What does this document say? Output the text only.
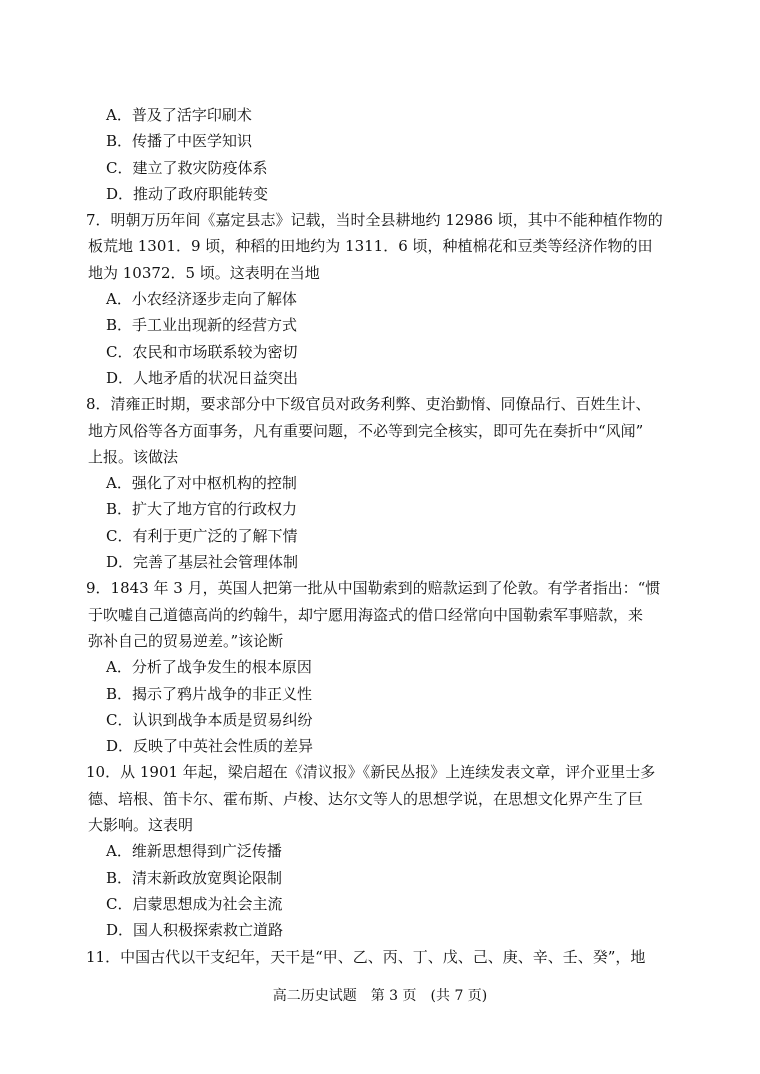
A．普及了活字印刷术
B．传播了中医学知识
C．建立了救灾防疫体系
D．推动了政府职能转变
7．明朝万历年间《嘉定县志》记载，当时全县耕地约 12986 顷，其中不能种植作物的
板荒地 1301．9 顷，种稻的田地约为 1311．6 顷，种植棉花和豆类等经济作物的田
地为 10372．5 顷。这表明在当地
A．小农经济逐步走向了解体
B．手工业出现新的经营方式
C．农民和市场联系较为密切
D．人地矛盾的状况日益突出
8．清雍正时期，要求部分中下级官员对政务利弊、吏治勤惰、同僚品行、百姓生计、
地方风俗等各方面事务，凡有重要问题，不必等到完全核实，即可先在奏折中“风闻”
上报。该做法
A．强化了对中枢机构的控制
B．扩大了地方官的行政权力
C．有利于更广泛的了解下情
D．完善了基层社会管理体制
9．1843 年 3 月，英国人把第一批从中国勒索到的赔款运到了伦敦。有学者指出：“惯
于吹嘘自己道德高尚的约翰牛，却宁愿用海盗式的借口经常向中国勒索军事赔款，来
弥补自己的贸易逆差。”该论断
A．分析了战争发生的根本原因
B．揭示了鸦片战争的非正义性
C．认识到战争本质是贸易纠纷
D．反映了中英社会性质的差异
10．从 1901 年起，梁启超在《清议报》《新民丛报》上连续发表文章，评介亚里士多
德、培根、笛卡尔、霍布斯、卢梭、达尔文等人的思想学说，在思想文化界产生了巨
大影响。这表明
A．维新思想得到广泛传播
B．清末新政放宽舆论限制
C．启蒙思想成为社会主流
D．国人积极探索救亡道路
11．中国古代以干支纪年，天干是“甲、乙、丙、丁、戊、己、庚、辛、壬、癸”，地
高二历史试题　第 3 页　(共 7 页)
